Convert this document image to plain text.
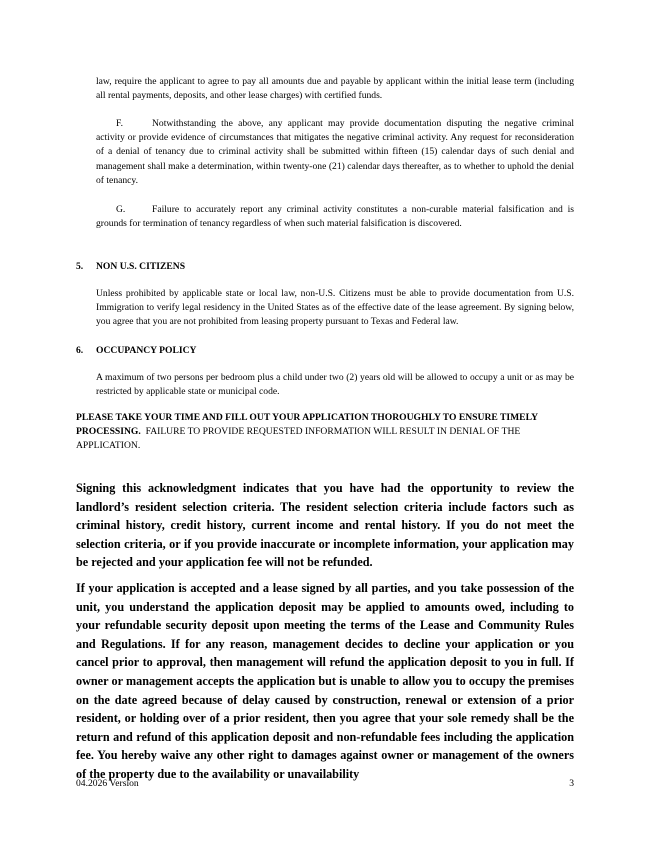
law, require the applicant to agree to pay all amounts due and payable by applicant within the initial lease term (including all rental payments, deposits, and other lease charges) with certified funds.

F.	Notwithstanding the above, any applicant may provide documentation disputing the negative criminal activity or provide evidence of circumstances that mitigates the negative criminal activity. Any request for reconsideration of a denial of tenancy due to criminal activity shall be submitted within fifteen (15) calendar days of such denial and management shall make a determination, within twenty-one (21) calendar days thereafter, as to whether to uphold the denial of tenancy.

G.	Failure to accurately report any criminal activity constitutes a non-curable material falsification and is grounds for termination of tenancy regardless of when such material falsification is discovered.

5. NON U.S. CITIZENS

Unless prohibited by applicable state or local law, non-U.S. Citizens must be able to provide documentation from U.S. Immigration to verify legal residency in the United States as of the effective date of the lease agreement. By signing below, you agree that you are not prohibited from leasing property pursuant to Texas and Federal law.

6. OCCUPANCY POLICY

A maximum of two persons per bedroom plus a child under two (2) years old will be allowed to occupy a unit or as may be restricted by applicable state or municipal code.

PLEASE TAKE YOUR TIME AND FILL OUT YOUR APPLICATION THOROUGHLY TO ENSURE TIMELY PROCESSING. FAILURE TO PROVIDE REQUESTED INFORMATION WILL RESULT IN DENIAL OF THE APPLICATION.

Signing this acknowledgment indicates that you have had the opportunity to review the landlord’s resident selection criteria. The resident selection criteria include factors such as criminal history, credit history, current income and rental history. If you do not meet the selection criteria, or if you provide inaccurate or incomplete information, your application may be rejected and your application fee will not be refunded.

If your application is accepted and a lease signed by all parties, and you take possession of the unit, you understand the application deposit may be applied to amounts owed, including to your refundable security deposit upon meeting the terms of the Lease and Community Rules and Regulations. If for any reason, management decides to decline your application or you cancel prior to approval, then management will refund the application deposit to you in full. If owner or management accepts the application but is unable to allow you to occupy the premises on the date agreed because of delay caused by construction, renewal or extension of a prior resident, or holding over of a prior resident, then you agree that your sole remedy shall be the return and refund of this application deposit and non-refundable fees including the application fee. You hereby waive any other right to damages against owner or management of the owners of the property due to the availability or unavailability

04.2026 Version	3
